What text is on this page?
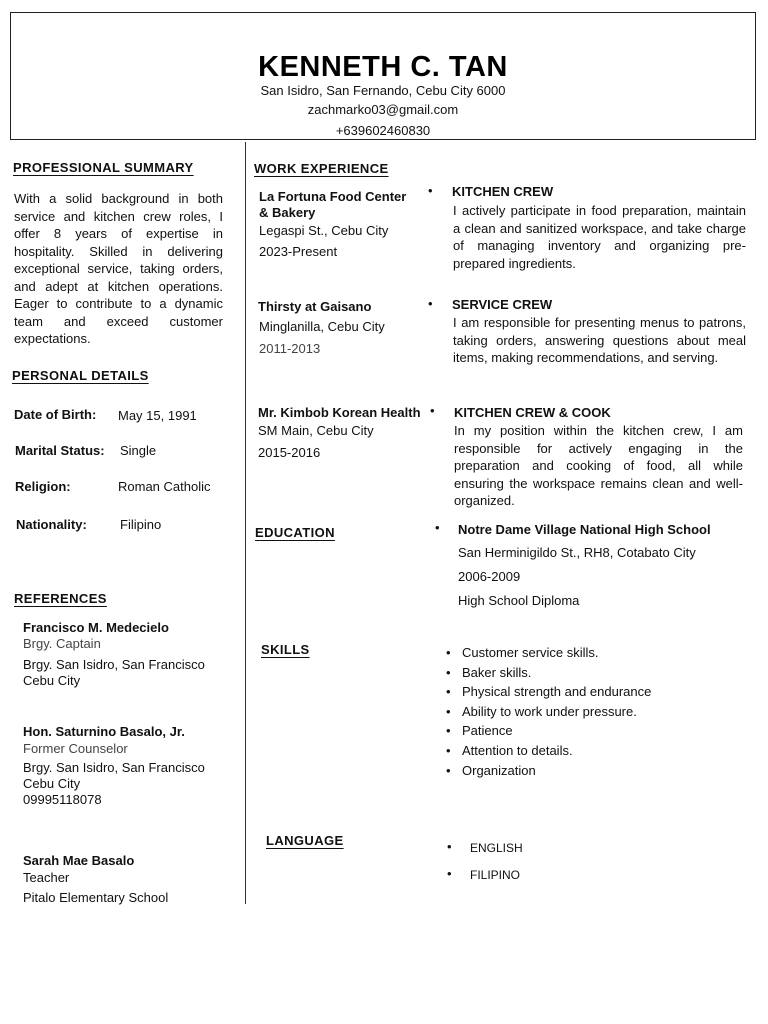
KENNETH C. TAN
San Isidro, San Fernando, Cebu City 6000
zachmarko03@gmail.com
+639602460830
PROFESSIONAL SUMMARY
With a solid background in both service and kitchen crew roles, I offer 8 years of expertise in hospitality. Skilled in delivering exceptional service, taking orders, and adept at kitchen operations. Eager to contribute to a dynamic team and exceed customer expectations.
PERSONAL DETAILS
Date of Birth: May 15, 1991
Marital Status: Single
Religion:	Roman Catholic
Nationality:	Filipino
REFERENCES
Francisco M. Medecielo
Brgy. Captain
Brgy. San Isidro, San Francisco
Cebu City
Hon. Saturnino Basalo, Jr.
Former Counselor
Brgy. San Isidro, San Francisco
Cebu City
09995118078
Sarah Mae Basalo
Teacher
Pitalo Elementary School
WORK EXPERIENCE
La Fortuna Food Center
& Bakery
Legaspi St., Cebu City
2023-Present
• KITCHEN CREW
I actively participate in food preparation, maintain a clean and sanitized workspace, and take charge of managing inventory and organizing pre-prepared ingredients.
Thirsty at Gaisano
Minglanilla, Cebu City
2011-2013
• SERVICE CREW
I am responsible for presenting menus to patrons, taking orders, answering questions about meal items, making recommendations, and serving.
Mr. Kimbob Korean Health
SM Main, Cebu City
2015-2016
• KITCHEN CREW & COOK
In my position within the kitchen crew, I am responsible for actively engaging in the preparation and cooking of food, all while ensuring the workspace remains clean and well-organized.
EDUCATION	• Notre Dame Village National High School
San Herminigildo St., RH8, Cotabato City
2006-2009
High School Diploma
SKILLS
•	Customer service skills.
• Baker skills.
• Physical strength and endurance
• Ability to work under pressure.
• Patience
• Attention to details.
• Organization
LANGUAGE	• ENGLISH
• FILIPINO
